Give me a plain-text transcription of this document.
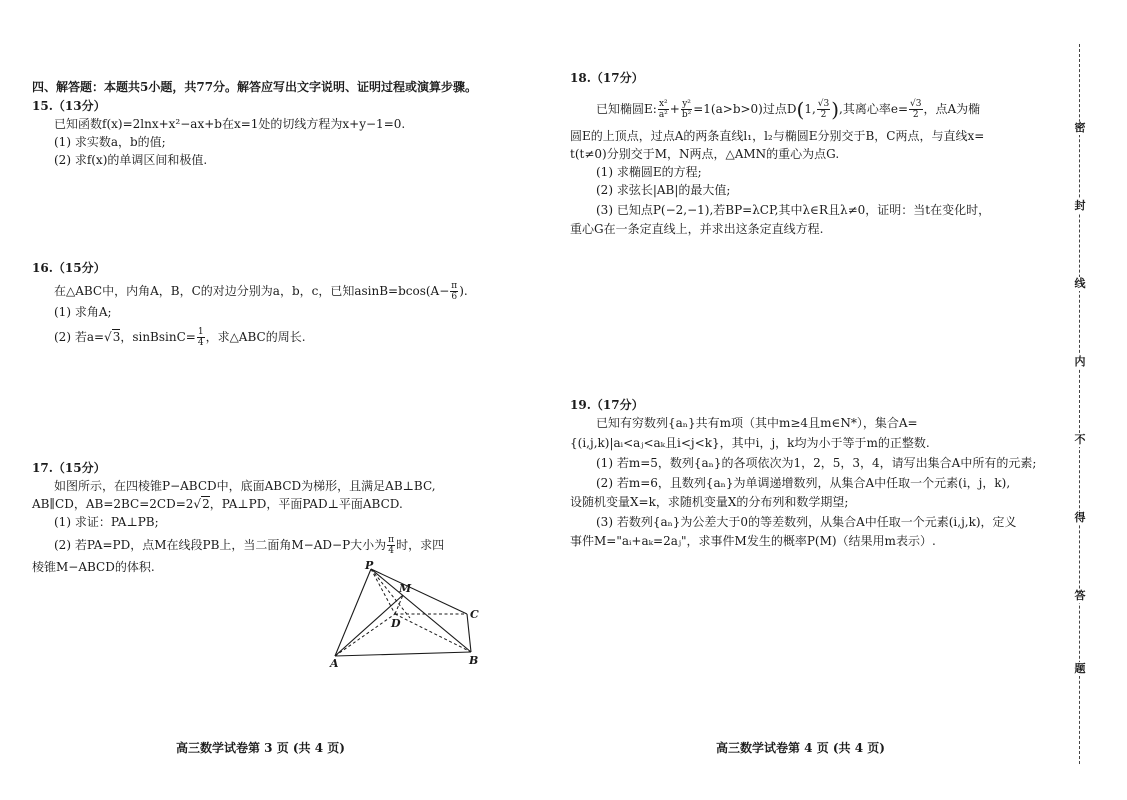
四、解答题：本题共5小题，共77分。解答应写出文字说明、证明过程或演算步骤。
15.（13分）
已知函数f(x)=2lnx+x²−ax+b在x=1处的切线方程为x+y−1=0.
(1) 求实数a，b的值;
(2) 求f(x)的单调区间和极值.
16.（15分）
在△ABC中，内角A，B，C的对边分别为a，b，c，已知$asinB=bcos(A- \frac{\pi}{6}$ ).
(1) 求角A;
(2) 若a=√3，sinBsinC= $\frac{1}{4}$ ，求△ABC的周长.
17.（15分）
如图所示，在四棱锥P−ABCD中，底面ABCD为梯形，且满足AB⊥BC,
AB∥CD，AB=2BC=2CD=2√2，PA⊥PD，平面PAD⊥平面ABCD.
(1) 求证：PA⊥PB;
(2) 若PA=PD，点M在线段PB上，当二面角M−AD−P大小为 $\frac{\pi}{4}$ 时，求四
棱锥M−ABCD的体积.	P
M
D
C
A	B
高三数学试卷第 3 页 (共 4 页)
18.（17分）
已知椭圆E: $\frac{\text{x²}}{\text{a²}} + \frac{\text{y²}}{\text{b²}} =1(a>b>0)$过点D(1, $\frac{√3}{2}$ ),其离心率$e= \frac{√3}{2}$ ，点A为椭
圆E的上顶点，过点A的两条直线l₁，l₂与椭圆E分别交于B，C两点，与直线x=
t(t≠0)分别交于M，N两点，△AMN的重心为点G.
(1) 求椭圆E的方程;
(2) 求弦长|AB|的最大值;
(3) 已知点P(−2,−1),若BP=λCP,其中λ∈R且λ≠0，证明：当t在变化时，
重心G在一条定直线上，并求出这条定直线方程.
19.（17分）
已知有穷数列{aₙ}共有m项（其中m≥4且m∈N*），集合A=
{(i,j,k)|aᵢ<aⱼ<aₖ且i<j<k}，其中i，j，k均为小于等于m的正整数.
(1) 若m=5，数列{aₙ}的各项依次为1，2，5，3，4，请写出集合A中所有的元素;
(2) 若m=6，且数列{aₙ}为单调递增数列，从集合A中任取一个元素(i，j，k),
设随机变量X=k，求随机变量X的分布列和数学期望;
(3) 若数列{aₙ}为公差大于0的等差数列，从集合A中任取一个元素(i,j,k)，定义
事件M="aᵢ+aₖ=2aⱼ"，求事件M发生的概率P(M)（结果用m表示）.
高三数学试卷第 4 页 (共 4 页)
密
封
线
内
不
得
答
题
